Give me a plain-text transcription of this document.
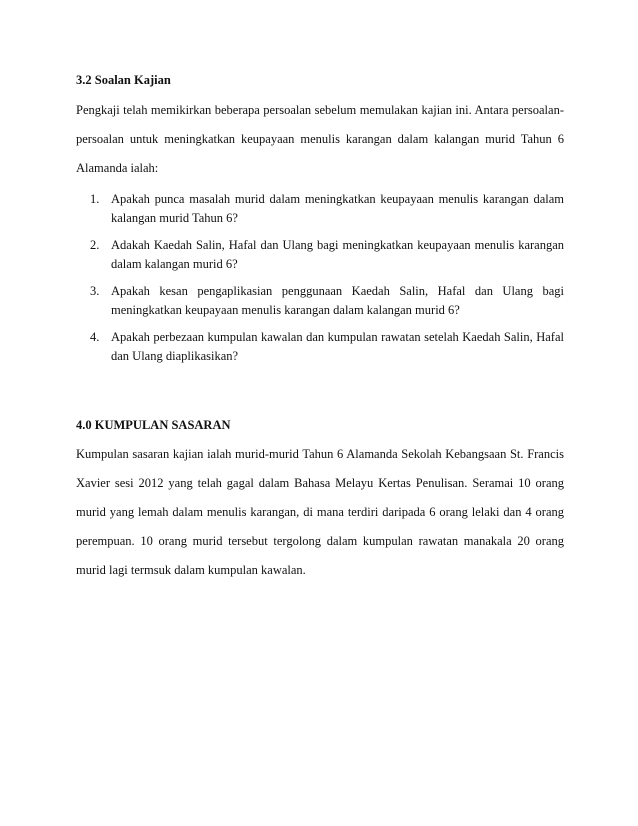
3.2 Soalan Kajian

Pengkaji telah memikirkan beberapa persoalan sebelum memulakan kajian ini. Antara persoalan-persoalan untuk meningkatkan keupayaan menulis karangan dalam kalangan murid Tahun 6 Alamanda ialah:

1. Apakah punca masalah murid dalam meningkatkan keupayaan menulis karangan dalam kalangan murid Tahun 6?
2. Adakah Kaedah Salin, Hafal dan Ulang bagi meningkatkan keupayaan menulis karangan dalam kalangan murid 6?
3. Apakah kesan pengaplikasian penggunaan Kaedah Salin, Hafal dan Ulang bagi meningkatkan keupayaan menulis karangan dalam kalangan murid 6?
4. Apakah perbezaan kumpulan kawalan dan kumpulan rawatan setelah Kaedah Salin, Hafal dan Ulang diaplikasikan?

4.0 KUMPULAN SASARAN

Kumpulan sasaran kajian ialah murid-murid Tahun 6 Alamanda Sekolah Kebangsaan St. Francis Xavier sesi 2012 yang telah gagal dalam Bahasa Melayu Kertas Penulisan. Seramai 10 orang murid yang lemah dalam menulis karangan, di mana terdiri daripada 6 orang lelaki dan 4 orang perempuan. 10 orang murid tersebut tergolong dalam kumpulan rawatan manakala 20 orang murid lagi termsuk dalam kumpulan kawalan.
